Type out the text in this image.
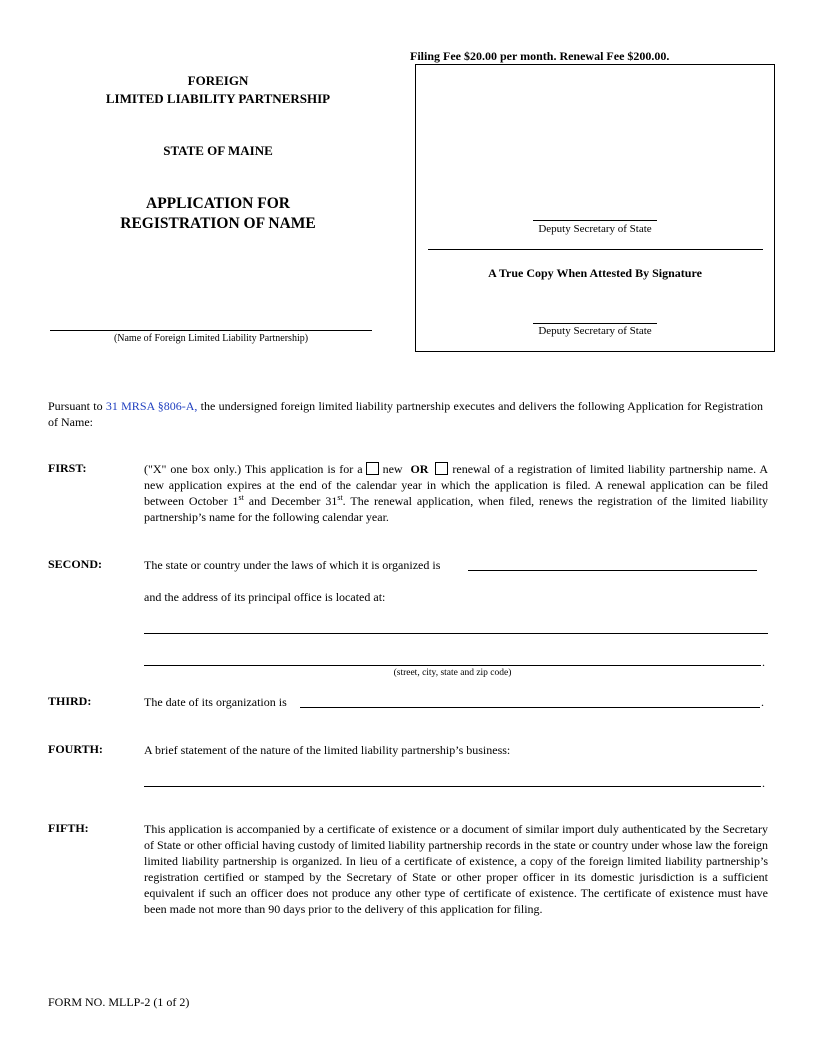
FOREIGN
LIMITED LIABILITY PARTNERSHIP
STATE OF MAINE
APPLICATION FOR
REGISTRATION OF NAME
(Name of Foreign Limited Liability Partnership)
Filing Fee $20.00 per month. Renewal Fee $200.00.
Deputy Secretary of State
A True Copy When Attested By Signature
Deputy Secretary of State
Pursuant to 31 MRSA §806-A, the undersigned foreign limited liability partnership executes and delivers the following Application for Registration of Name:
FIRST:	("X" one box only.) This application is for a new OR renewal of a registration of limited liability partnership name. A new application expires at the end of the calendar year in which the application is filed. A renewal application can be filed between October 1st and December 31st. The renewal application, when filed, renews the registration of the limited liability partnership’s name for the following calendar year.
SECOND:	The state or country under the laws of which it is organized is
and the address of its principal office is located at:
.
(street, city, state and zip code)
THIRD:	The date of its organization is	.
FOURTH:	A brief statement of the nature of the limited liability partnership’s business:
.
FIFTH:	This application is accompanied by a certificate of existence or a document of similar import duly authenticated by the Secretary of State or other official having custody of limited liability partnership records in the state or country under whose law the foreign limited liability partnership is organized. In lieu of a certificate of existence, a copy of the foreign limited liability partnership’s registration certified or stamped by the Secretary of State or other proper officer in its domestic jurisdiction is a sufficient equivalent if such an officer does not produce any other type of certificate of existence. The certificate of existence must have been made not more than 90 days prior to the delivery of this application for filing.
FORM NO. MLLP-2 (1 of 2)
